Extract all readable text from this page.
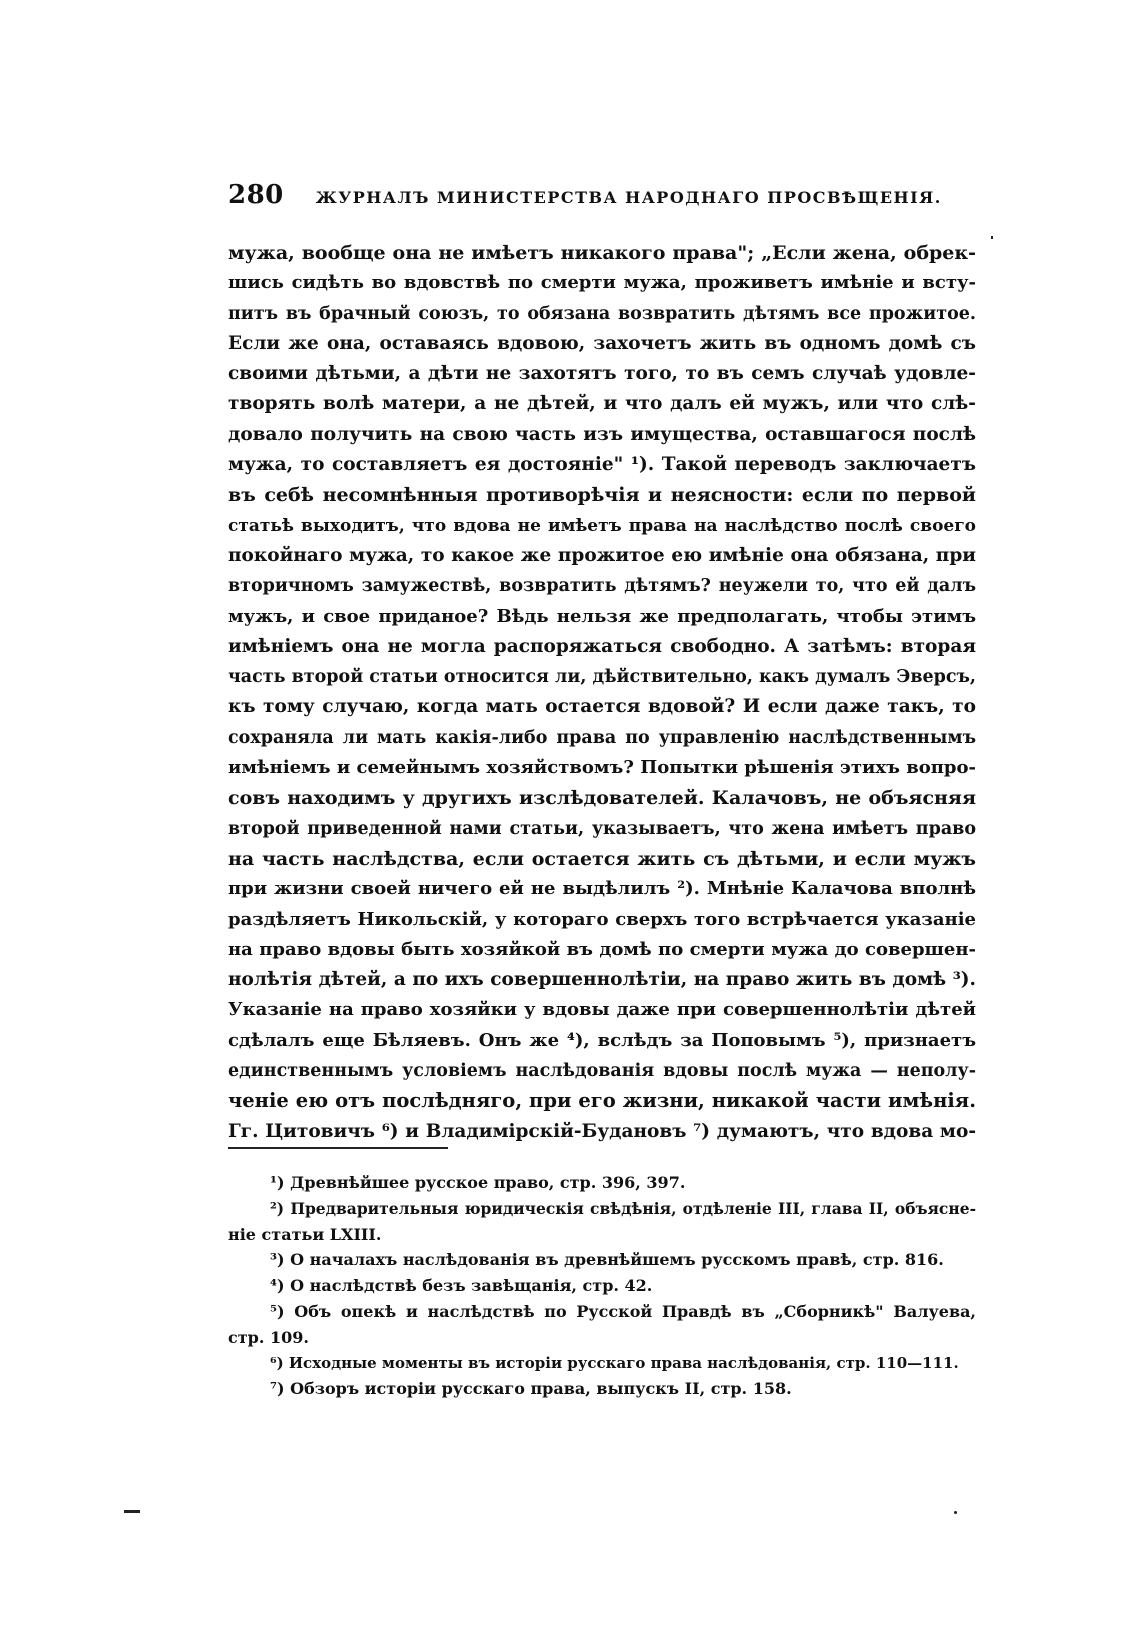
280 ЖУРНАЛЪ МИНИСТЕРСТВА НАРОДНАГО ПРОСВѢЩЕНІЯ.
мужа, вообще она не имѣетъ никакого права"; „Если жена, обрек-
шись сидѣть во вдовствѣ по смерти мужа, проживетъ имѣніе и всту-
питъ въ брачный союзъ, то обязана возвратить дѣтямъ все прожитое.
Если же она, оставаясь вдовою, захочетъ жить въ одномъ домѣ съ
своими дѣтьми, а дѣти не захотятъ того, то въ семъ случаѣ удовле-
творять волѣ матери, а не дѣтей, и что далъ ей мужъ, или что слѣ-
довало получить на свою часть изъ имущества, оставшагося послѣ
мужа, то составляетъ ея достояніе" ¹). Такой переводъ заключаетъ
въ себѣ несомнѣнныя противорѣчія и неясности: если по первой
статьѣ выходитъ, что вдова не имѣетъ права на наслѣдство послѣ своего
покойнаго мужа, то какое же прожитое ею имѣніе она обязана, при
вторичномъ замужествѣ, возвратить дѣтямъ? неужели то, что ей далъ
мужъ, и свое приданое? Вѣдь нельзя же предполагать, чтобы этимъ
имѣніемъ она не могла распоряжаться свободно. А затѣмъ: вторая
часть второй статьи относится ли, дѣйствительно, какъ думалъ Эверсъ,
къ тому случаю, когда мать остается вдовой? И если даже такъ, то
сохраняла ли мать какія-либо права по управленію наслѣдственнымъ
имѣніемъ и семейнымъ хозяйствомъ? Попытки рѣшенія этихъ вопро-
совъ находимъ у другихъ изслѣдователей. Калачовъ, не объясняя
второй приведенной нами статьи, указываетъ, что жена имѣетъ право
на часть наслѣдства, если остается жить съ дѣтьми, и если мужъ
при жизни своей ничего ей не выдѣлилъ ²). Мнѣніе Калачова вполнѣ
раздѣляетъ Никольскій, у котораго сверхъ того встрѣчается указаніе
на право вдовы быть хозяйкой въ домѣ по смерти мужа до совершен-
нолѣтія дѣтей, а по ихъ совершеннолѣтіи, на право жить въ домѣ ³).
Указаніе на право хозяйки у вдовы даже при совершеннолѣтіи дѣтей
сдѣлалъ еще Бѣляевъ. Онъ же ⁴), вслѣдъ за Поповымъ ⁵), признаетъ
единственнымъ условіемъ наслѣдованія вдовы послѣ мужа — неполу-
ченіе ею отъ послѣдняго, при его жизни, никакой части имѣнія.
Гг. Цитовичъ ⁶) и Владимірскій-Будановъ ⁷) думаютъ, что вдова мо-
¹) Древнѣйшее русское право, стр. 396, 397.
²) Предварительныя юридическія свѣдѣнія, отдѣленіе III, глава II, объясне-
ніе статьи LXIII.
³) О началахъ наслѣдованія въ древнѣйшемъ русскомъ правѣ, стр. 816.
⁴) О наслѣдствѣ безъ завѣщанія, стр. 42.
⁵) Объ опекѣ и наслѣдствѣ по Русской Правдѣ въ „Сборникѣ" Валуева,
стр. 109.
⁶) Исходные моменты въ исторіи русскаго права наслѣдованія, стр. 110—111.
⁷) Обзоръ исторіи русскаго права, выпускъ II, стр. 158.
